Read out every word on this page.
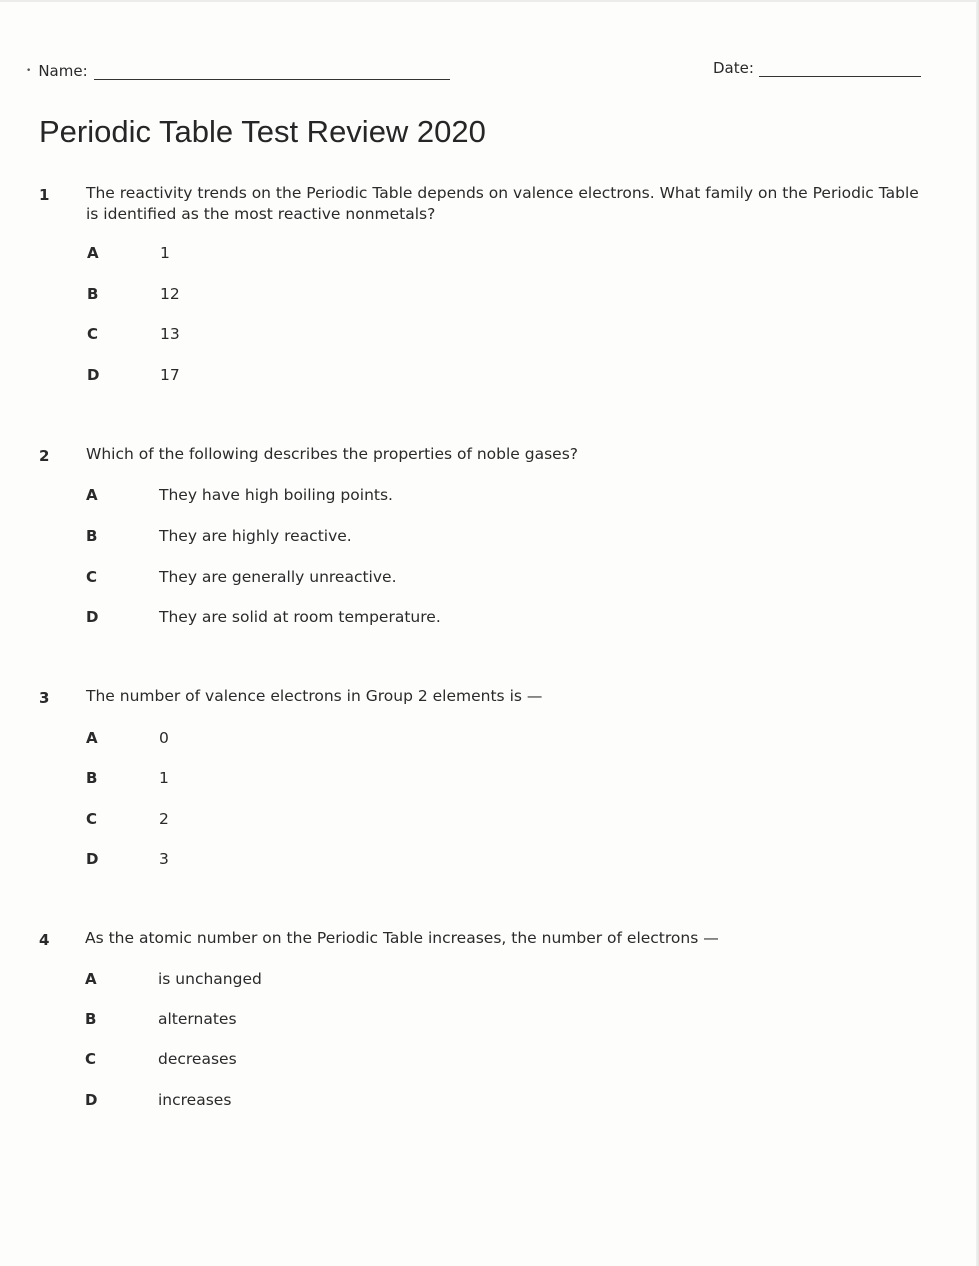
• Name:	Date:
Periodic Table Test Review 2020
1 The reactivity trends on the Periodic Table depends on valence electrons. What family on the Periodic Table is identified as the most reactive nonmetals?

A	1
B	12
C	13
D	17
2 Which of the following describes the properties of noble gases?

A	They have high boiling points.
B	They are highly reactive.
C	They are generally unreactive.
D	They are solid at room temperature.
3 The number of valence electrons in Group 2 elements is —

A	0
B	1
C	2
D	3
4 As the atomic number on the Periodic Table increases, the number of electrons —

A	is unchanged
B	alternates
C	decreases
D	increases
